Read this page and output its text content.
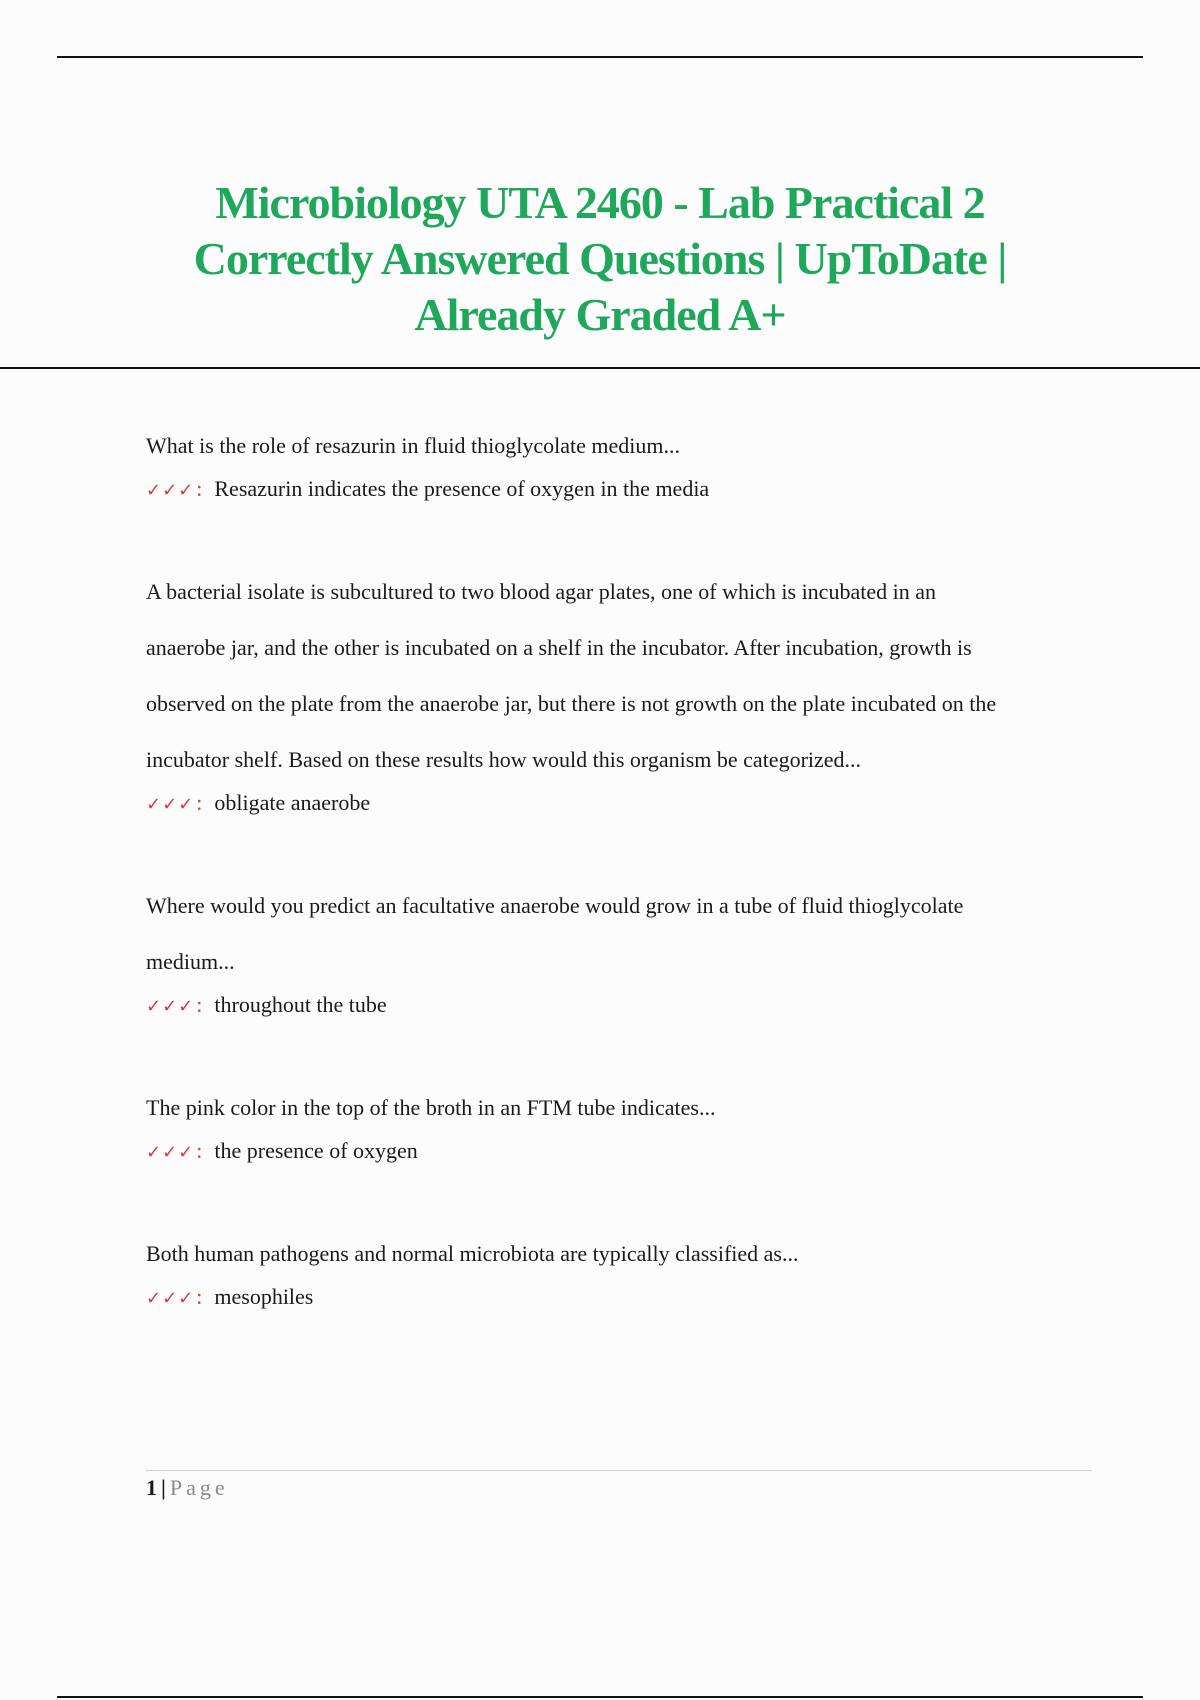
Microbiology UTA 2460 - Lab Practical 2
Correctly Answered Questions | UpToDate |
Already Graded A+

What is the role of resazurin in fluid thioglycolate medium...

✓✓✓ : Resazurin indicates the presence of oxygen in the media

A bacterial isolate is subcultured to two blood agar plates, one of which is incubated in an

anaerobe jar, and the other is incubated on a shelf in the incubator. After incubation, growth is

observed on the plate from the anaerobe jar, but there is not growth on the plate incubated on the

incubator shelf. Based on these results how would this organism be categorized...

✓✓✓ : obligate anaerobe

Where would you predict an facultative anaerobe would grow in a tube of fluid thioglycolate

medium...

✓✓✓ : throughout the tube

The pink color in the top of the broth in an FTM tube indicates...

✓✓✓ : the presence of oxygen

Both human pathogens and normal microbiota are typically classified as...

✓✓✓ : mesophiles

1 | Page
